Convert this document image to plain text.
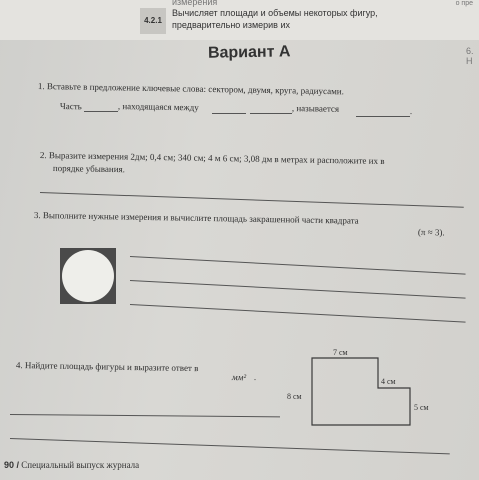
измерения	о пре
4.2.1
Вычисляет площади и объемы некоторых фигур,
предварительно измерив их
6. Н
Вариант А
1. Вставьте в предложение ключевые слова: сектором, двумя, круга, радиусами.
Часть	, находящаяся между	, называется	.
2. Выразите измерения 2дм; 0,4 см; 340 см; 4 м 6 см; 3,08 дм в метрах и расположите их в
порядке убывания.
3. Выполните нужные измерения и вычислите площадь закрашенной части квадрата
(π ≈ 3).
4. Найдите площадь фигуры и выразите ответ в
мм² .
7 см
8 см
4 см
5 см
90 / Специальный выпуск журнала
